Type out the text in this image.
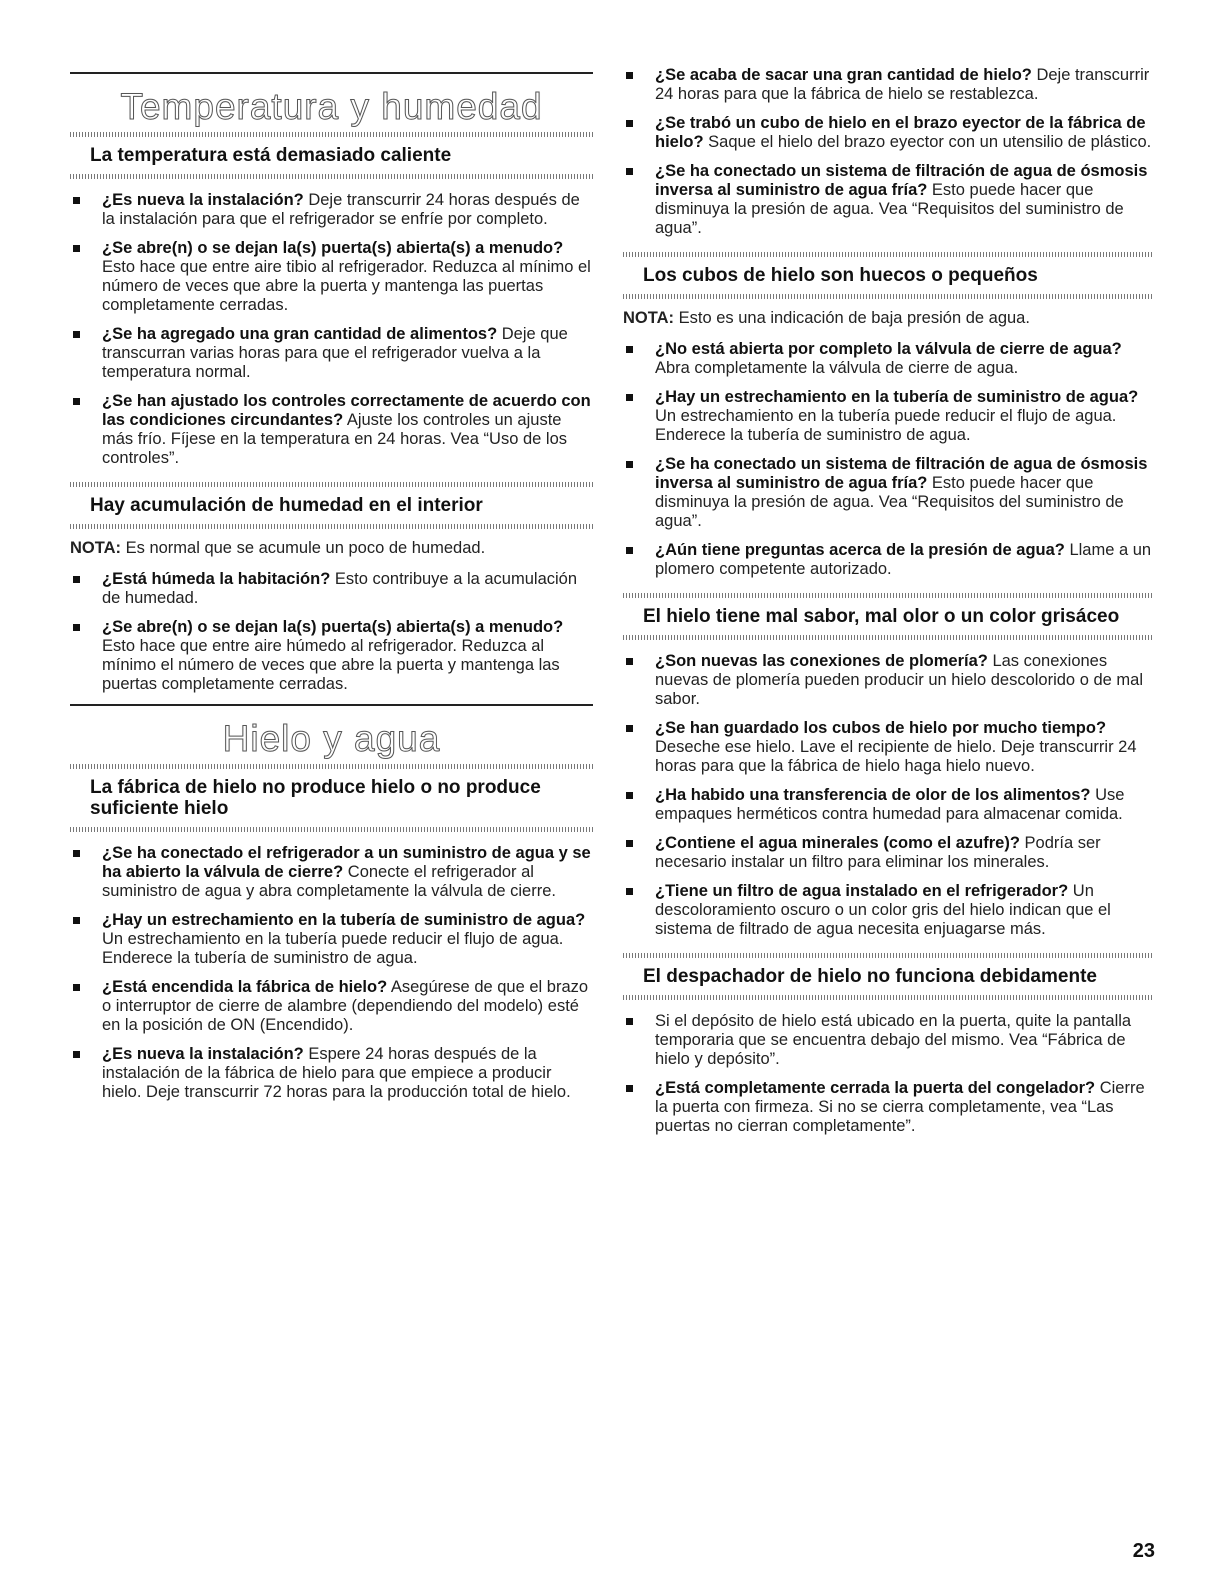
Temperatura y humedad
La temperatura está demasiado caliente
¿Es nueva la instalación? Deje transcurrir 24 horas después de la instalación para que el refrigerador se enfríe por completo.
¿Se abre(n) o se dejan la(s) puerta(s) abierta(s) a menudo? Esto hace que entre aire tibio al refrigerador. Reduzca al mínimo el número de veces que abre la puerta y mantenga las puertas completamente cerradas.
¿Se ha agregado una gran cantidad de alimentos? Deje que transcurran varias horas para que el refrigerador vuelva a la temperatura normal.
¿Se han ajustado los controles correctamente de acuerdo con las condiciones circundantes? Ajuste los controles un ajuste más frío. Fíjese en la temperatura en 24 horas. Vea “Uso de los controles”.
Hay acumulación de humedad en el interior
NOTA: Es normal que se acumule un poco de humedad.
¿Está húmeda la habitación? Esto contribuye a la acumulación de humedad.
¿Se abre(n) o se dejan la(s) puerta(s) abierta(s) a menudo? Esto hace que entre aire húmedo al refrigerador. Reduzca al mínimo el número de veces que abre la puerta y mantenga las puertas completamente cerradas.
Hielo y agua
La fábrica de hielo no produce hielo o no produce suficiente hielo
¿Se ha conectado el refrigerador a un suministro de agua y se ha abierto la válvula de cierre? Conecte el refrigerador al suministro de agua y abra completamente la válvula de cierre.
¿Hay un estrechamiento en la tubería de suministro de agua? Un estrechamiento en la tubería puede reducir el flujo de agua. Enderece la tubería de suministro de agua.
¿Está encendida la fábrica de hielo? Asegúrese de que el brazo o interruptor de cierre de alambre (dependiendo del modelo) esté en la posición de ON (Encendido).
¿Es nueva la instalación? Espere 24 horas después de la instalación de la fábrica de hielo para que empiece a producir hielo. Deje transcurrir 72 horas para la producción total de hielo.
¿Se acaba de sacar una gran cantidad de hielo? Deje transcurrir 24 horas para que la fábrica de hielo se restablezca.
¿Se trabó un cubo de hielo en el brazo eyector de la fábrica de hielo? Saque el hielo del brazo eyector con un utensilio de plástico.
¿Se ha conectado un sistema de filtración de agua de ósmosis inversa al suministro de agua fría? Esto puede hacer que disminuya la presión de agua. Vea “Requisitos del suministro de agua”.
Los cubos de hielo son huecos o pequeños
NOTA: Esto es una indicación de baja presión de agua.
¿No está abierta por completo la válvula de cierre de agua? Abra completamente la válvula de cierre de agua.
¿Hay un estrechamiento en la tubería de suministro de agua? Un estrechamiento en la tubería puede reducir el flujo de agua. Enderece la tubería de suministro de agua.
¿Se ha conectado un sistema de filtración de agua de ósmosis inversa al suministro de agua fría? Esto puede hacer que disminuya la presión de agua. Vea “Requisitos del suministro de agua”.
¿Aún tiene preguntas acerca de la presión de agua? Llame a un plomero competente autorizado.
El hielo tiene mal sabor, mal olor o un color grisáceo
¿Son nuevas las conexiones de plomería? Las conexiones nuevas de plomería pueden producir un hielo descolorido o de mal sabor.
¿Se han guardado los cubos de hielo por mucho tiempo? Deseche ese hielo. Lave el recipiente de hielo. Deje transcurrir 24 horas para que la fábrica de hielo haga hielo nuevo.
¿Ha habido una transferencia de olor de los alimentos? Use empaques herméticos contra humedad para almacenar comida.
¿Contiene el agua minerales (como el azufre)? Podría ser necesario instalar un filtro para eliminar los minerales.
¿Tiene un filtro de agua instalado en el refrigerador? Un descoloramiento oscuro o un color gris del hielo indican que el sistema de filtrado de agua necesita enjuagarse más.
El despachador de hielo no funciona debidamente
Si el depósito de hielo está ubicado en la puerta, quite la pantalla temporaria que se encuentra debajo del mismo. Vea “Fábrica de hielo y depósito”.
¿Está completamente cerrada la puerta del congelador? Cierre la puerta con firmeza. Si no se cierra completamente, vea “Las puertas no cierran completamente”.
23
